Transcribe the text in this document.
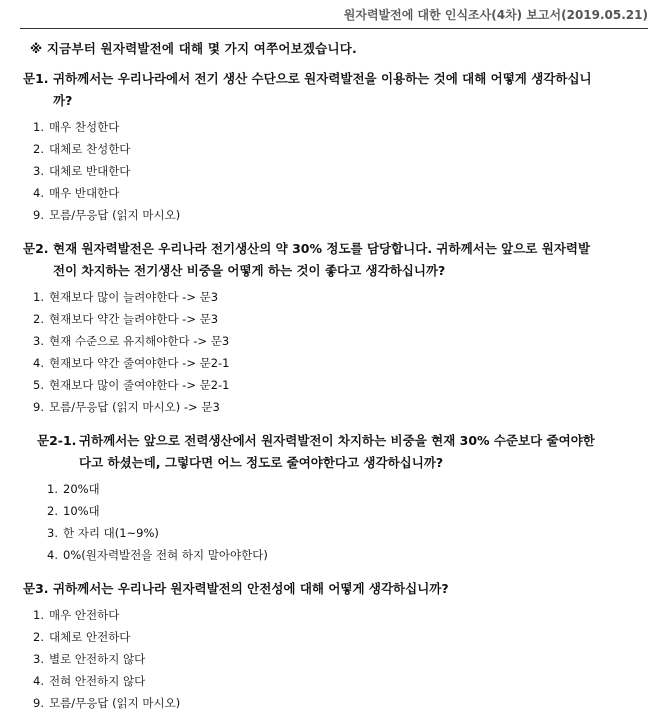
원자력발전에 대한 인식조사(4차) 보고서(2019.05.21)
※ 지금부터 원자력발전에 대해 몇 가지 여쭈어보겠습니다.

문1. 귀하께서는 우리나라에서 전기 생산 수단으로 원자력발전을 이용하는 것에 대해 어떻게 생각하십니까?

1. 매우 찬성한다
2. 대체로 찬성한다
3. 대체로 반대한다
4. 매우 반대한다
9. 모름/무응답 (읽지 마시오)

문2. 현재 원자력발전은 우리나라 전기생산의 약 30% 정도를 담당합니다. 귀하께서는 앞으로 원자력발전이 차지하는 전기생산 비중을 어떻게 하는 것이 좋다고 생각하십니까?

1. 현재보다 많이 늘려야한다 -> 문3
2. 현재보다 약간 늘려야한다 -> 문3
3. 현재 수준으로 유지해야한다 -> 문3
4. 현재보다 약간 줄여야한다 -> 문2-1
5. 현재보다 많이 줄여야한다 -> 문2-1
9. 모름/무응답 (읽지 마시오) -> 문3

문2-1. 귀하께서는 앞으로 전력생산에서 원자력발전이 차지하는 비중을 현재 30% 수준보다 줄여야한다고 하셨는데, 그렇다면 어느 정도로 줄여야한다고 생각하십니까?

1. 20%대
2. 10%대
3. 한 자리 대(1~9%)
4. 0%(원자력발전을 전혀 하지 말아야한다)

문3. 귀하께서는 우리나라 원자력발전의 안전성에 대해 어떻게 생각하십니까?

1. 매우 안전하다
2. 대체로 안전하다
3. 별로 안전하지 않다
4. 전혀 안전하지 않다
9. 모름/무응답 (읽지 마시오)
